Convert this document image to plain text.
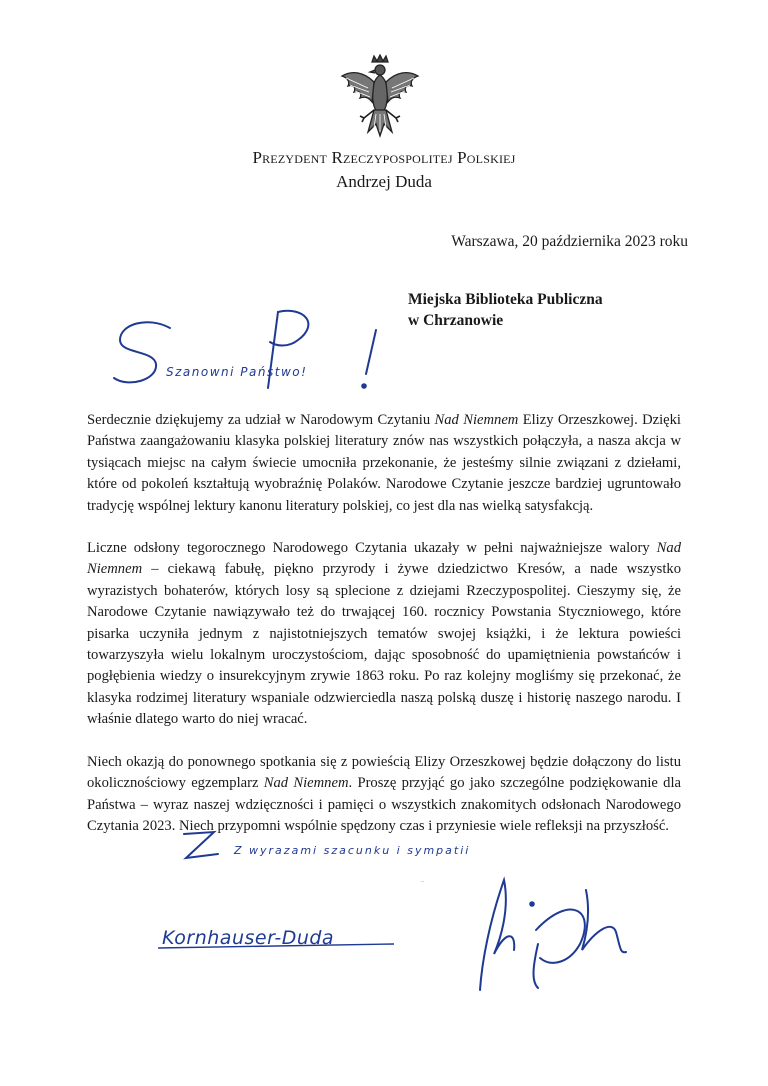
Prezydent Rzeczypospolitej Polskiej
Andrzej Duda
Warszawa, 20 października 2023 roku
Miejska Biblioteka Publiczna
w Chrzanowie
Szanowni Państwo!

Serdecznie dziękujemy za udział w Narodowym Czytaniu Nad Niemnem Elizy Orzeszkowej. Dzięki Państwa zaangażowaniu klasyka polskiej literatury znów nas wszystkich połączyła, a nasza akcja w tysiącach miejsc na całym świecie umocniła przekonanie, że jesteśmy silnie związani z dziełami, które od pokoleń kształtują wyobraźnię Polaków. Narodowe Czytanie jeszcze bardziej ugruntowało tradycję wspólnej lektury kanonu literatury polskiej, co jest dla nas wielką satysfakcją.

Liczne odsłony tegorocznego Narodowego Czytania ukazały w pełni najważniejsze walory Nad Niemnem – ciekawą fabułę, piękno przyrody i żywe dziedzictwo Kresów, a nade wszystko wyrazistych bohaterów, których losy są splecione z dziejami Rzeczypospolitej. Cieszymy się, że Narodowe Czytanie nawiązywało też do trwającej 160. rocznicy Powstania Styczniowego, które pisarka uczyniła jednym z najistotniejszych tematów swojej książki, i że lektura powieści towarzyszyła wielu lokalnym uroczystościom, dając sposobność do upamiętnienia powstańców i pogłębienia wiedzy o insurekcyjnym zrywie 1863 roku. Po raz kolejny mogliśmy się przekonać, że klasyka rodzimej literatury wspaniale odzwierciedla naszą polską duszę i historię naszego narodu. I właśnie dlatego warto do niej wracać.

Niech okazją do ponownego spotkania się z powieścią Elizy Orzeszkowej będzie dołączony do listu okolicznościowy egzemplarz Nad Niemnem. Proszę przyjąć go jako szczególne podziękowanie dla Państwa – wyraz naszej wdzięczności i pamięci o wszystkich znakomitych odsłonach Narodowego Czytania 2023. Niech przypomni wspólnie spędzony czas i przyniesie wiele refleksji na przyszłość.

Z wyrazami szacunku i sympatii
Kornhauser-Duda
A. Duda
